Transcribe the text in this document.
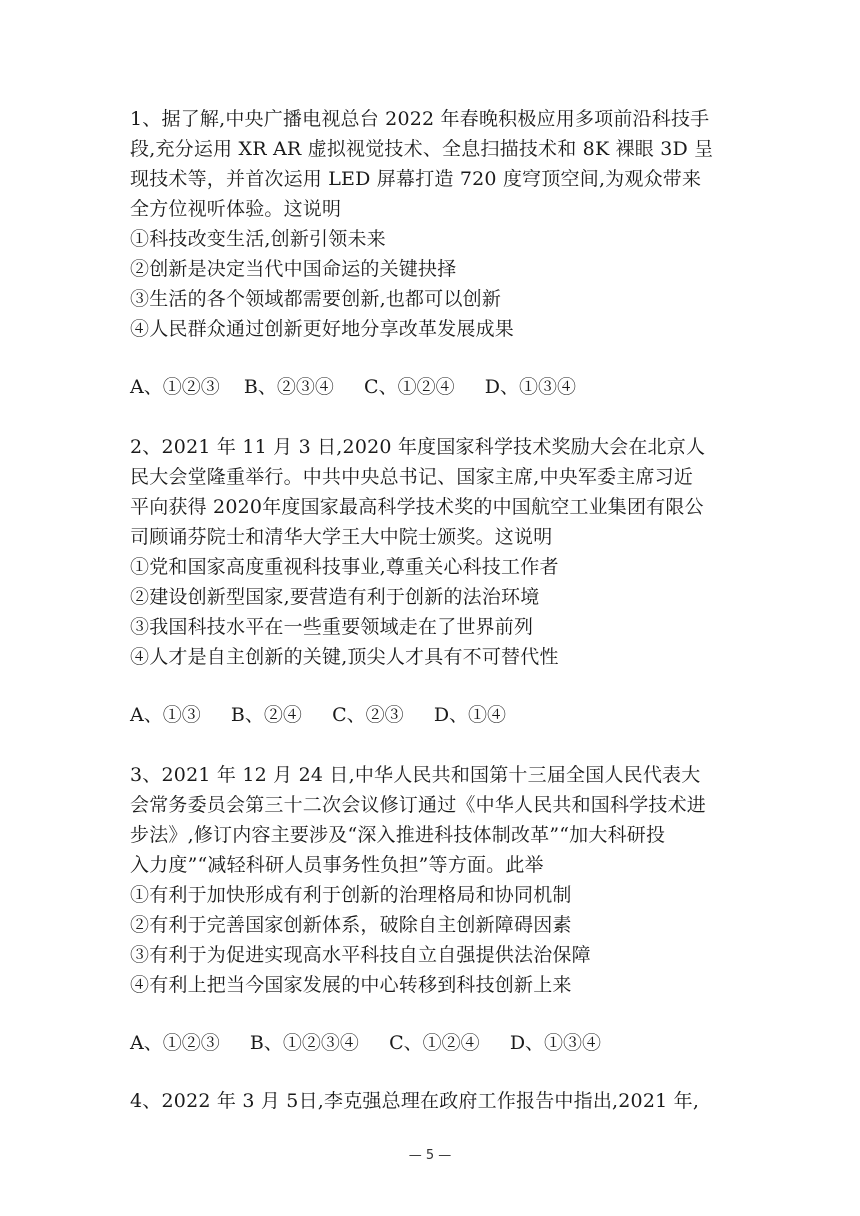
1、据了解,中央广播电视总台 2022 年春晚积极应用多项前沿科技手
段,充分运用 XR AR 虚拟视觉技术、全息扫描技术和 8K 裸眼 3D 呈
现技术等，并首次运用 LED 屏幕打造 720 度穹顶空间,为观众带来
全方位视听体验。这说明
①科技改变生活,创新引领未来
②创新是决定当代中国命运的关键抉择
③生活的各个领域都需要创新,也都可以创新
④人民群众通过创新更好地分享改革发展成果
A、①②③    B、②③④     C、①②④     D、①③④
2、2021 年 11 月 3 日,2020 年度国家科学技术奖励大会在北京人
民大会堂隆重举行。中共中央总书记、国家主席,中央军委主席习近
平向获得 2020年度国家最高科学技术奖的中国航空工业集团有限公
司顾诵芬院士和清华大学王大中院士颁奖。这说明
①党和国家高度重视科技事业,尊重关心科技工作者
②建设创新型国家,要营造有利于创新的法治环境
③我国科技水平在一些重要领域走在了世界前列
④人才是自主创新的关键,顶尖人才具有不可替代性
A、①③     B、②④     C、②③     D、①④
3、2021 年 12 月 24 日,中华人民共和国第十三届全国人民代表大
会常务委员会第三十二次会议修订通过《中华人民共和国科学技术进
步法》,修订内容主要涉及“深入推进科技体制改革”“加大科研投
入力度”“减轻科研人员事务性负担”等方面。此举
①有利于加快形成有利于创新的治理格局和协同机制
②有利于完善国家创新体系，破除自主创新障碍因素
③有利于为促进实现高水平科技自立自强提供法治保障
④有利上把当今国家发展的中心转移到科技创新上来
A、①②③     B、①②③④     C、①②④     D、①③④
4、2022 年 3 月 5日,李克强总理在政府工作报告中指出,2021 年,
— 5 —
